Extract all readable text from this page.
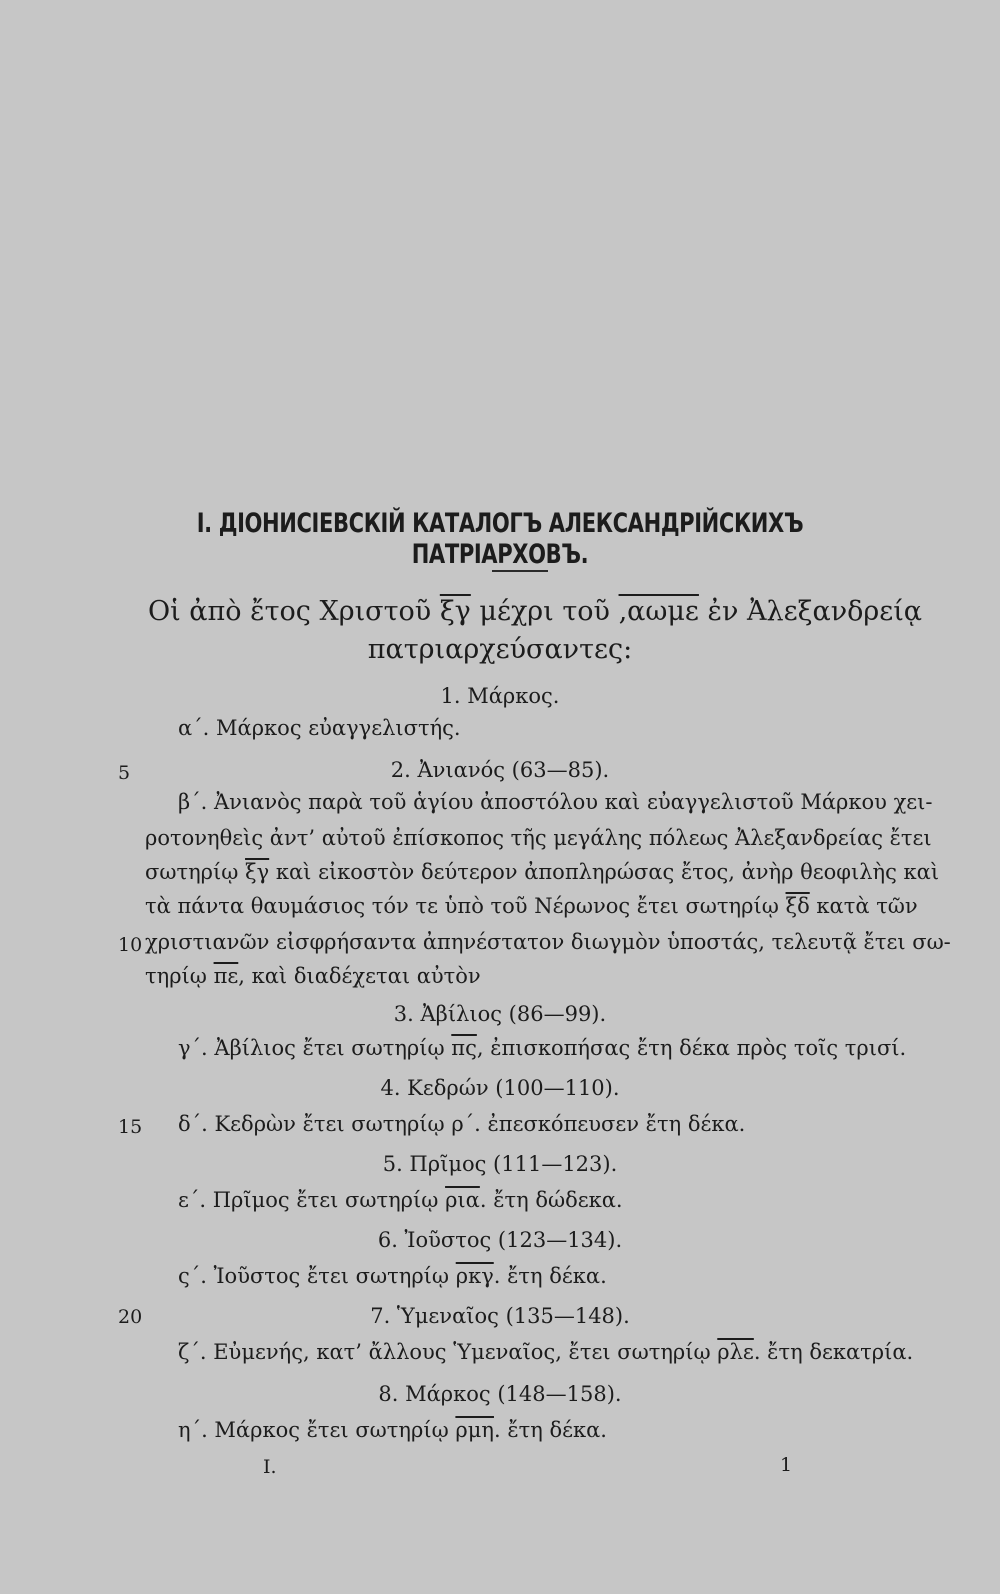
I. ДІОНИСІЕВСКІЙ КАТАЛОГЪ АЛЕКСАНДРІЙСКИХЪ ПАТРІАРХОВЪ.
Οἱ ἀπὸ ἔτος Χριστοῦ $\overline{\xi\gamma}$ μέχρι τοῦ ‚αωμε ἐν Ἀλεξανδρείᾳ
πατριαρχεύσαντες:
1. Μάρκος.
α΄. Μάρκος εὐαγγελιστής.
2. Ἀνιανός (63—85).
β΄. Ἀνιανὸς παρὰ τοῦ ἁγίου ἀποστόλου καὶ εὐαγγελιστοῦ Μάρκου χει-
ροτονηθεὶς ἀντ’ αὐτοῦ ἐπίσκοπος τῆς μεγάλης πόλεως Ἀλεξανδρείας ἔτει
σωτηρίῳ $\overline{\xi\gamma}$ καὶ εἰκοστὸν δεύτερον ἀποπληρώσας ἔτος, ἀνὴρ θεοφιλὴς καὶ
τὰ πάντα θαυμάσιος τόν τε ὑπὸ τοῦ Νέρωνος ἔτει σωτηρίῳ $\overline{\xi\delta}$ κατὰ τῶν
χριστιανῶν εἰσφρήσαντα ἀπηνέστατον διωγμὸν ὑποστάς, τελευτᾷ ἔτει σω-
τηρίῳ $\overline{\pi\varepsilon}$, καὶ διαδέχεται αὐτὸν
3. Ἀβίλιος (86—99).
γ΄. Ἀβίλιος ἔτει σωτηρίῳ $\overline{\pi\varsigma}$, ἐπισκοπήσας ἔτη δέκα πρὸς τοῖς τρισί.
4. Κεδρών (100—110).
δ΄. Κεδρὼν ἔτει σωτηρίῳ ρ΄. ἐπεσκόπευσεν ἔτη δέκα.
5. Πρῖμος (111—123).
ε΄. Πρῖμος ἔτει σωτηρίῳ $\overline{\rho\iota\alpha}$. ἔτη δώδεκα.
6. Ἰοῦστος (123—134).
ς΄. Ἰοῦστος ἔτει σωτηρίῳ $\overline{\rho\kappa\gamma}$. ἔτη δέκα.
7. Ὑμεναῖος (135—148).
ζ΄. Εὐμενής, κατ’ ἄλλους Ὑμεναῖος, ἔτει σωτηρίῳ $\overline{\rho\lambda\varepsilon}$. ἔτη δεκατρία.
8. Μάρκος (148—158).
η΄. Μάρκος ἔτει σωτηρίῳ $\overline{\rho\mu\eta}$. ἔτη δέκα.
5
10
15
20
I.	1
